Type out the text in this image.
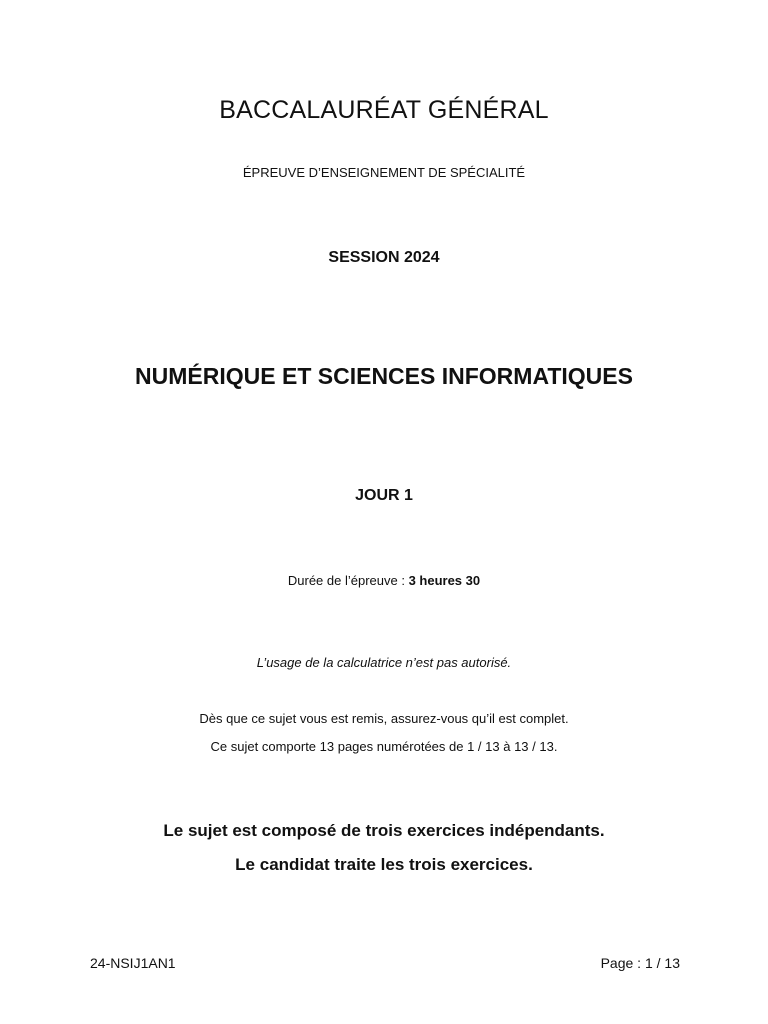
BACCALAURÉAT GÉNÉRAL
ÉPREUVE D’ENSEIGNEMENT DE SPÉCIALITÉ
SESSION 2024
NUMÉRIQUE ET SCIENCES INFORMATIQUES
JOUR 1
Durée de l’épreuve : 3 heures 30
L’usage de la calculatrice n’est pas autorisé.
Dès que ce sujet vous est remis, assurez-vous qu’il est complet.
Ce sujet comporte 13 pages numérotées de 1 / 13 à 13 / 13.
Le sujet est composé de trois exercices indépendants.
Le candidat traite les trois exercices.
24-NSIJ1AN1	Page : 1 / 13
